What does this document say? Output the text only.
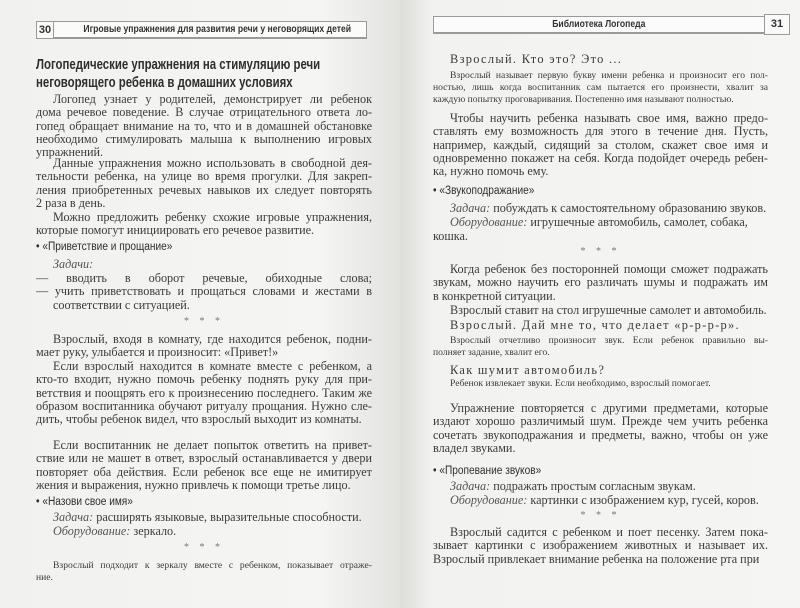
30	Игровые упражнения для развития речи у неговорящих детей
Логопедические упражнения на стимуляцию речи
неговорящего ребенка в домашних условиях
Логопед узнает у родителей, демонстрирует ли ребенок
дома речевое поведение. В случае отрицательного ответа ло-
гопед обращает внимание на то, что и в домашней обстановке
необходимо стимулировать малыша к выполнению игровых
упражнений.
Данные упражнения можно использовать в свободной дея-
тельности ребенка, на улице во время прогулки. Для закреп-
ления приобретенных речевых навыков их следует повторять
2 раза в день.
Можно предложить ребенку схожие игровые упражнения,
которые помогут инициировать его речевое развитие.
• «Приветствие и прощание»
Задачи:
— вводить в оборот речевые, обиходные слова;
— учить приветствовать и прощаться словами и жестами в
соответствии с ситуацией.
* * *
Взрослый, входя в комнату, где находится ребенок, подни-
мает руку, улыбается и произносит: «Привет!»
Если взрослый находится в комнате вместе с ребенком, а
кто-то входит, нужно помочь ребенку поднять руку для при-
ветствия и поощрять его к произнесению последнего. Таким же
образом воспитанника обучают ритуалу прощания. Нужно сле-
дить, чтобы ребенок видел, что взрослый выходит из комнаты.
Если воспитанник не делает попыток ответить на привет-
ствие или не машет в ответ, взрослый останавливается у двери
повторяет оба действия. Если ребенок все еще не имитирует
жения и выражения, нужно привлечь к помощи третье лицо.
• «Назови свое имя»
Задача: расширять языковые, выразительные способности.
Оборудование: зеркало.
* * *
Взрослый подходит к зеркалу вместе с ребенком, показывает отраже-
ние.
Библиотека Логопеда	31
Взрослый. Кто это? Это ...
Взрослый называет первую букву имени ребенка и произносит его пол-
ностью, лишь когда воспитанник сам пытается его произнести, хвалит за
каждую попытку проговаривания. Постепенно имя называют полностью.
Чтобы научить ребенка называть свое имя, важно предо-
ставлять ему возможность для этого в течение дня. Пусть,
например, каждый, сидящий за столом, скажет свое имя и
одновременно покажет на себя. Когда подойдет очередь ребен-
ка, нужно помочь ему.
• «Звукоподражание»
Задача: побуждать к самостоятельному образованию звуков.
Оборудование: игрушечные автомобиль, самолет, собака,
кошка.
* * *
Когда ребенок без посторонней помощи сможет подражать
звукам, можно научить его различать шумы и подражать им
в конкретной ситуации.
Взрослый ставит на стол игрушечные самолет и автомобиль.
Взрослый. Дай мне то, что делает «р-р-р-р».
Взрослый отчетливо произносит звук. Если ребенок правильно вы-
полняет задание, хвалит его.
Как шумит автомобиль?
Ребенок извлекает звуки. Если необходимо, взрослый помогает.
Упражнение повторяется с другими предметами, которые
издают хорошо различимый шум. Прежде чем учить ребенка
сочетать звукоподражания и предметы, важно, чтобы он уже
владел звуками.
• «Пропевание звуков»
Задача: подражать простым согласным звукам.
Оборудование: картинки с изображением кур, гусей, коров.
* * *
Взрослый садится с ребенком и поет песенку. Затем пока-
зывает картинки с изображением животных и называет их.
Взрослый привлекает внимание ребенка на положение рта при
